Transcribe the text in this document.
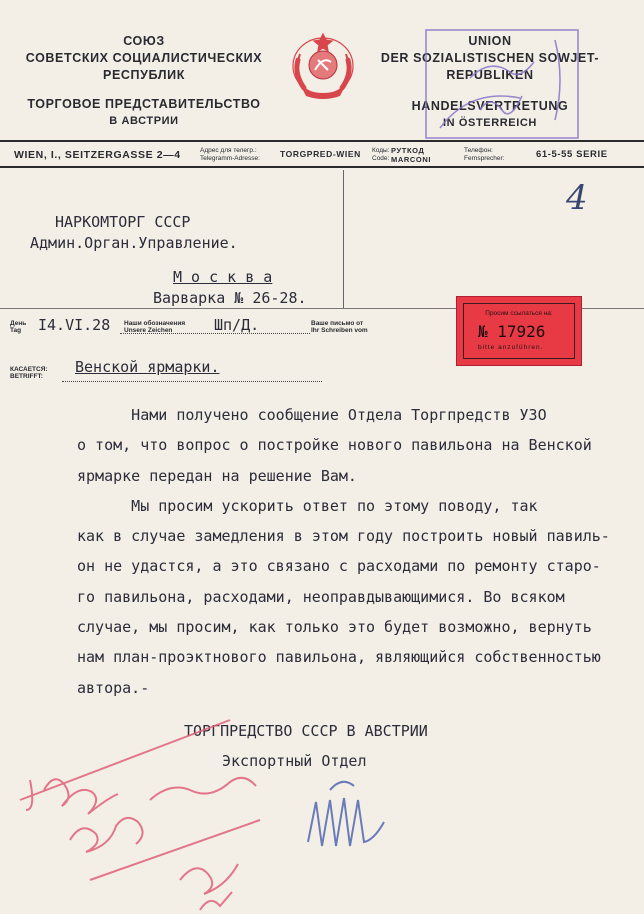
СОЮЗ
СОВЕТСКИХ СОЦИАЛИСТИЧЕСКИХ
РЕСПУБЛИК
ТОРГОВОЕ ПРЕДСТАВИТЕЛЬСТВО
В АВСТРИИ
UNION
DER SOZIALISTISCHEN SOWJET-
REPUBLIKEN
HANDELSVERTRETUNG
IN ÖSTERREICH
WIEN, I., SEITZERGASSE 2—4	Адрес для телегр.:
Telegramm-Adresse: TORGPRED-WIEN Коды:
Code:
РУТКОД
MARCONI
Телефон:
Fernsprecher:	61-5-55 SERIE
НАРКОМТОРГ СССР
Админ.Орган.Управление.
М о с к в а
Варварка № 26-28.
4
День
Tag	I4.VI.28 Наши обозначения
Unsere Zeichen	Шп/Д.	Ваше письмо от
Ihr Schreiben vom
Просим ссылаться на:
№ 17926
bitte anzuführen.
КАСАЕТСЯ:
BETRIFFT:
Венской ярмарки.

Нами получено сообщение Отдела Торгпредств УЗО

о том, что вопрос о постройке нового павильона на Венской

ярмарке передан на решение Вам.

Мы просим ускорить ответ по этому поводу, так

как в случае замедления в этом году построить новый павиль-

он не удастся, а это связано с расходами по ремонту старо-

го павильона, расходами, неоправдывающимися. Во всяком

случае, мы просим, как только это будет возможно, вернуть

нам план-проэктнового павильона, являющийся собственностью

автора.-

ТОРГПРЕДСТВО СССР В АВСТРИИ
Экспортный Отдел
